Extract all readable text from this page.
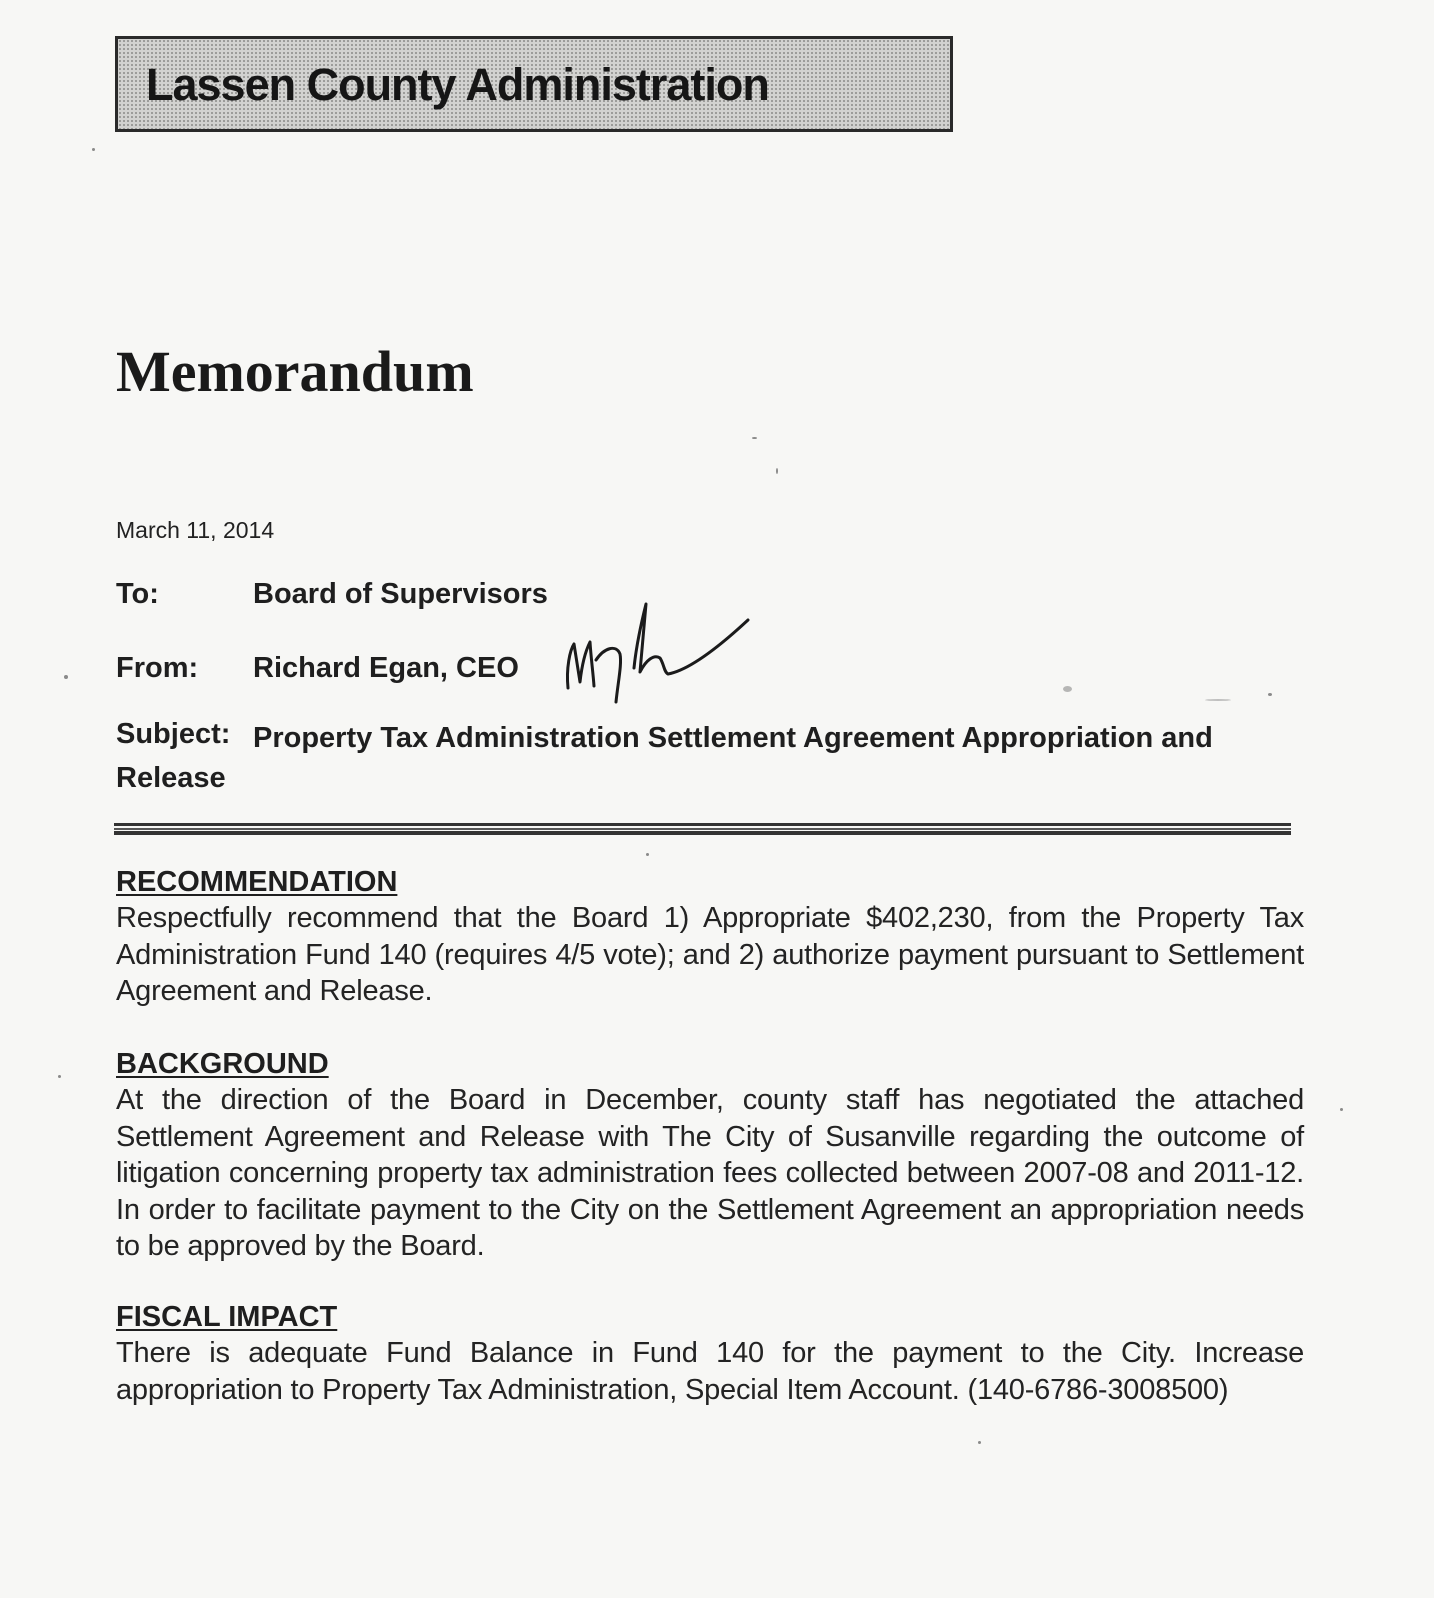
Lassen County Administration
Memorandum
March 11, 2014
To:	Board of Supervisors
From: Richard Egan, CEO
Subject: Property Tax Administration Settlement Agreement Appropriation and Release
RECOMMENDATION
Respectfully recommend that the Board 1) Appropriate $402,230, from the Property Tax Administration Fund 140 (requires 4/5 vote); and 2) authorize payment pursuant to Settlement Agreement and Release.
BACKGROUND
At the direction of the Board in December, county staff has negotiated the attached Settlement Agreement and Release with The City of Susanville regarding the outcome of litigation concerning property tax administration fees collected between 2007-08 and 2011-12. In order to facilitate payment to the City on the Settlement Agreement an appropriation needs to be approved by the Board.
FISCAL IMPACT
There is adequate Fund Balance in Fund 140 for the payment to the City. Increase appropriation to Property Tax Administration, Special Item Account. (140-6786-3008500)
